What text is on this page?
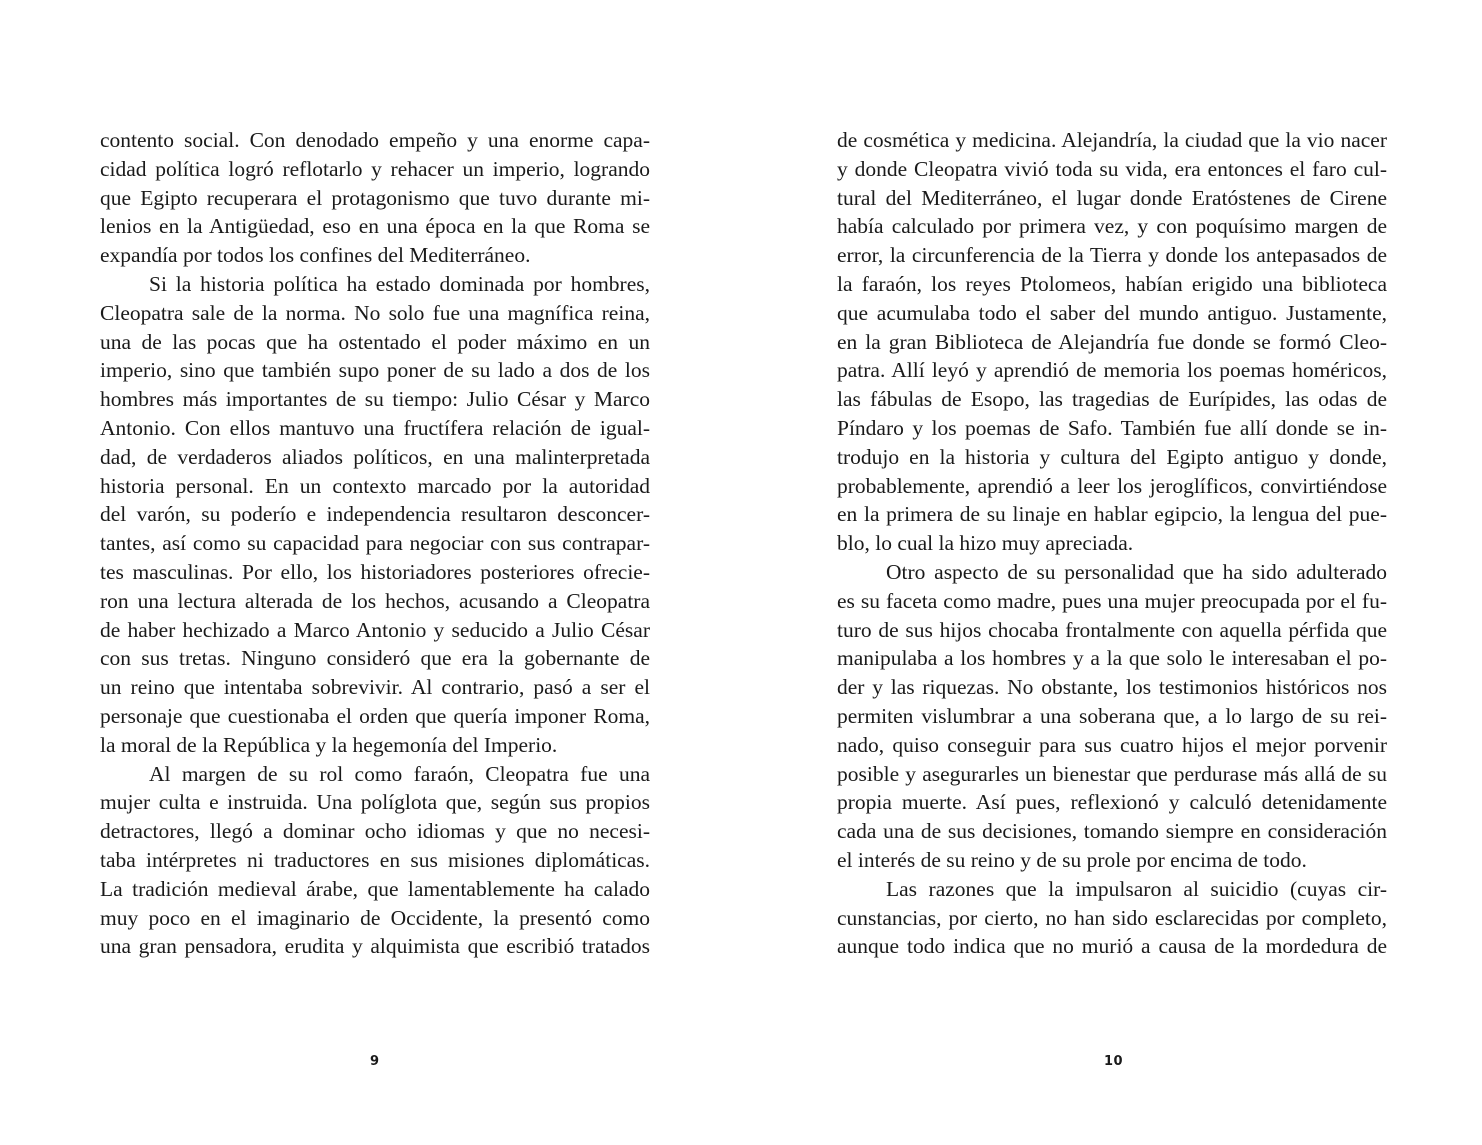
contento social. Con denodado empeño y una enorme capa-
cidad política logró reflotarlo y rehacer un imperio, logrando
que Egipto recuperara el protagonismo que tuvo durante mi-
lenios en la Antigüedad, eso en una época en la que Roma se
expandía por todos los confines del Mediterráneo.
Si la historia política ha estado dominada por hombres,
Cleopatra sale de la norma. No solo fue una magnífica reina,
una de las pocas que ha ostentado el poder máximo en un
imperio, sino que también supo poner de su lado a dos de los
hombres más importantes de su tiempo: Julio César y Marco
Antonio. Con ellos mantuvo una fructífera relación de igual-
dad, de verdaderos aliados políticos, en una malinterpretada
historia personal. En un contexto marcado por la autoridad
del varón, su poderío e independencia resultaron desconcer-
tantes, así como su capacidad para negociar con sus contrapar-
tes masculinas. Por ello, los historiadores posteriores ofrecie-
ron una lectura alterada de los hechos, acusando a Cleopatra
de haber hechizado a Marco Antonio y seducido a Julio César
con sus tretas. Ninguno consideró que era la gobernante de
un reino que intentaba sobrevivir. Al contrario, pasó a ser el
personaje que cuestionaba el orden que quería imponer Roma,
la moral de la República y la hegemonía del Imperio.
Al margen de su rol como faraón, Cleopatra fue una
mujer culta e instruida. Una políglota que, según sus propios
detractores, llegó a dominar ocho idiomas y que no necesi-
taba intérpretes ni traductores en sus misiones diplomáticas.
La tradición medieval árabe, que lamentablemente ha calado
muy poco en el imaginario de Occidente, la presentó como
una gran pensadora, erudita y alquimista que escribió tratados
9
de cosmética y medicina. Alejandría, la ciudad que la vio nacer
y donde Cleopatra vivió toda su vida, era entonces el faro cul-
tural del Mediterráneo, el lugar donde Eratóstenes de Cirene
había calculado por primera vez, y con poquísimo margen de
error, la circunferencia de la Tierra y donde los antepasados de
la faraón, los reyes Ptolomeos, habían erigido una biblioteca
que acumulaba todo el saber del mundo antiguo. Justamente,
en la gran Biblioteca de Alejandría fue donde se formó Cleo-
patra. Allí leyó y aprendió de memoria los poemas homéricos,
las fábulas de Esopo, las tragedias de Eurípides, las odas de
Píndaro y los poemas de Safo. También fue allí donde se in-
trodujo en la historia y cultura del Egipto antiguo y donde,
probablemente, aprendió a leer los jeroglíficos, convirtiéndose
en la primera de su linaje en hablar egipcio, la lengua del pue-
blo, lo cual la hizo muy apreciada.
Otro aspecto de su personalidad que ha sido adulterado
es su faceta como madre, pues una mujer preocupada por el fu-
turo de sus hijos chocaba frontalmente con aquella pérfida que
manipulaba a los hombres y a la que solo le interesaban el po-
der y las riquezas. No obstante, los testimonios históricos nos
permiten vislumbrar a una soberana que, a lo largo de su rei-
nado, quiso conseguir para sus cuatro hijos el mejor porvenir
posible y asegurarles un bienestar que perdurase más allá de su
propia muerte. Así pues, reflexionó y calculó detenidamente
cada una de sus decisiones, tomando siempre en consideración
el interés de su reino y de su prole por encima de todo.
Las razones que la impulsaron al suicidio (cuyas cir-
cunstancias, por cierto, no han sido esclarecidas por completo,
aunque todo indica que no murió a causa de la mordedura de
10
